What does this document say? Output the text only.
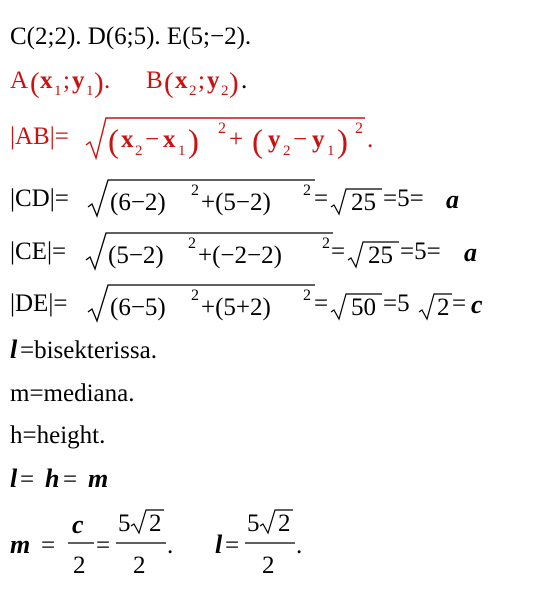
C(2;2). D(6;5). E(5;−2).
A ( x 1 ; y 1 ) . B ( x 2 ; y 2 ) .
|AB|= ( x 2 − x 1 ) 2 + ( y 2 − y 1 ) 2 .
|CD|= (6−2) 2 +(5−2) 2 = 25 =5= a
|CE|= (5−2) 2 +(−2−2)	2 = 25 =5= a
|DE|= (6−5) 2 +(5+2) 2 = 50 =5 2 = c
l =bisekterissa.
m=mediana.
h=height.
l = h = m
m =
c
2
=
5 2
2
. l =
5 2
2
.
